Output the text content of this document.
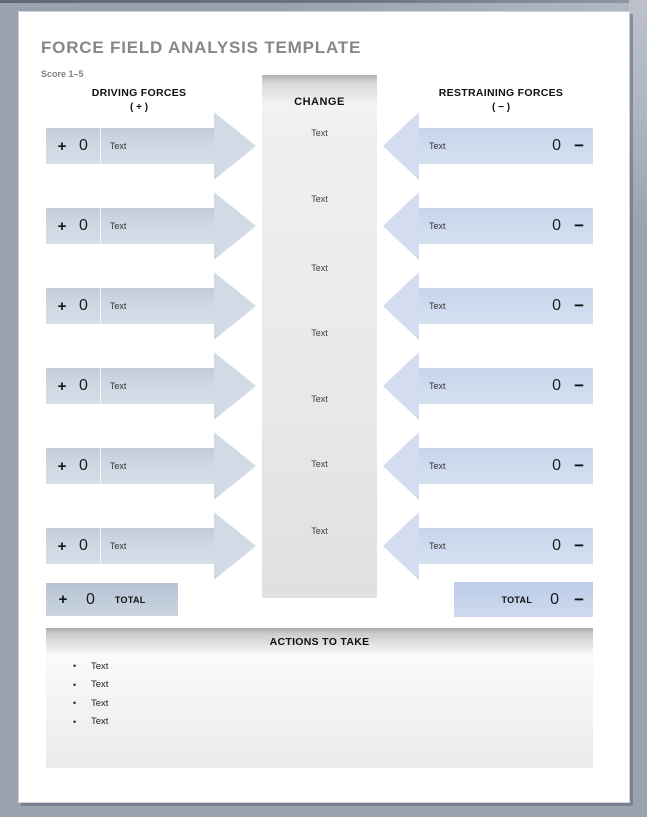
FORCE FIELD ANALYSIS TEMPLATE
Score 1–5
DRIVING FORCES
( + )
RESTRAINING FORCES
( − )
CHANGE
Text
Text
Text
Text
Text
Text
Text
+ 0 Text
+ 0 Text
+ 0 Text
+ 0 Text
+ 0 Text
+ 0 Text
Text	0 −
Text	0 −
Text	0 −
Text	0 −
Text	0 −
Text	0 −
+ 0 TOTAL	TOTAL 0 −
ACTIONS TO TAKE
• Text
• Text
• Text
• Text
